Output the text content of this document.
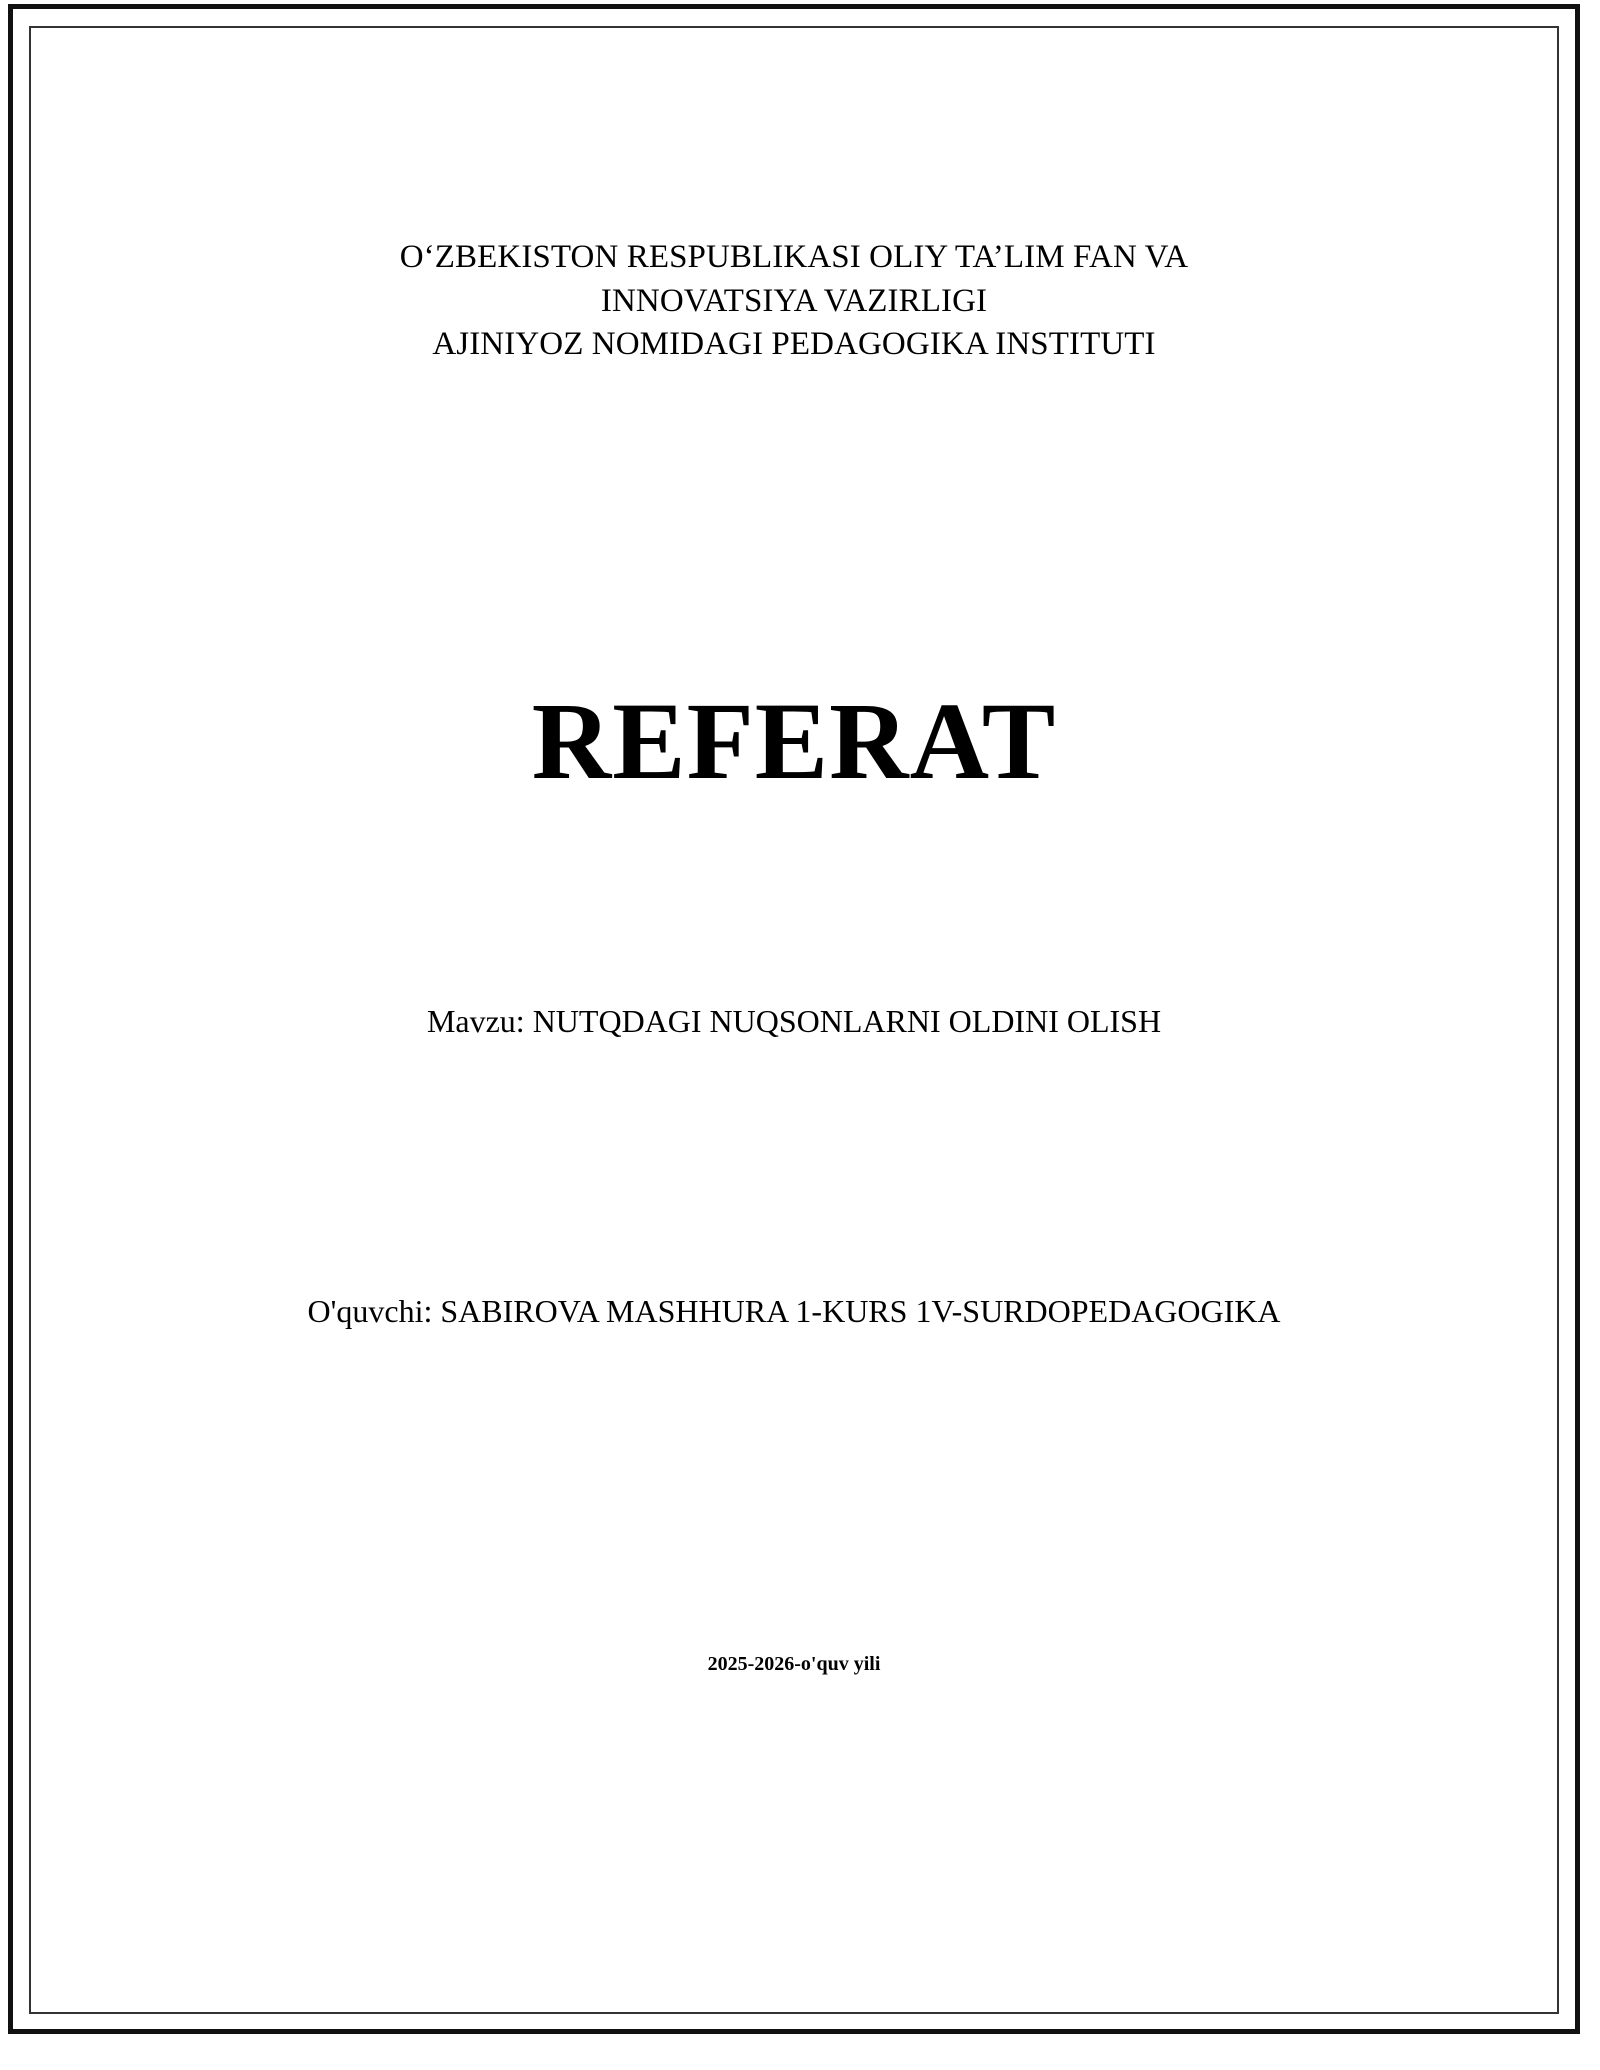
O‘ZBEKISTON RESPUBLIKASI OLIY TA’LIM FAN VA
INNOVATSIYA VAZIRLIGI
AJINIYOZ NOMIDAGI PEDAGOGIKA INSTITUTI
REFERAT
Mavzu: NUTQDAGI NUQSONLARNI OLDINI OLISH
O'quvchi: SABIROVA MASHHURA 1-KURS 1V-SURDOPEDAGOGIKA
2025-2026-o'quv yili
